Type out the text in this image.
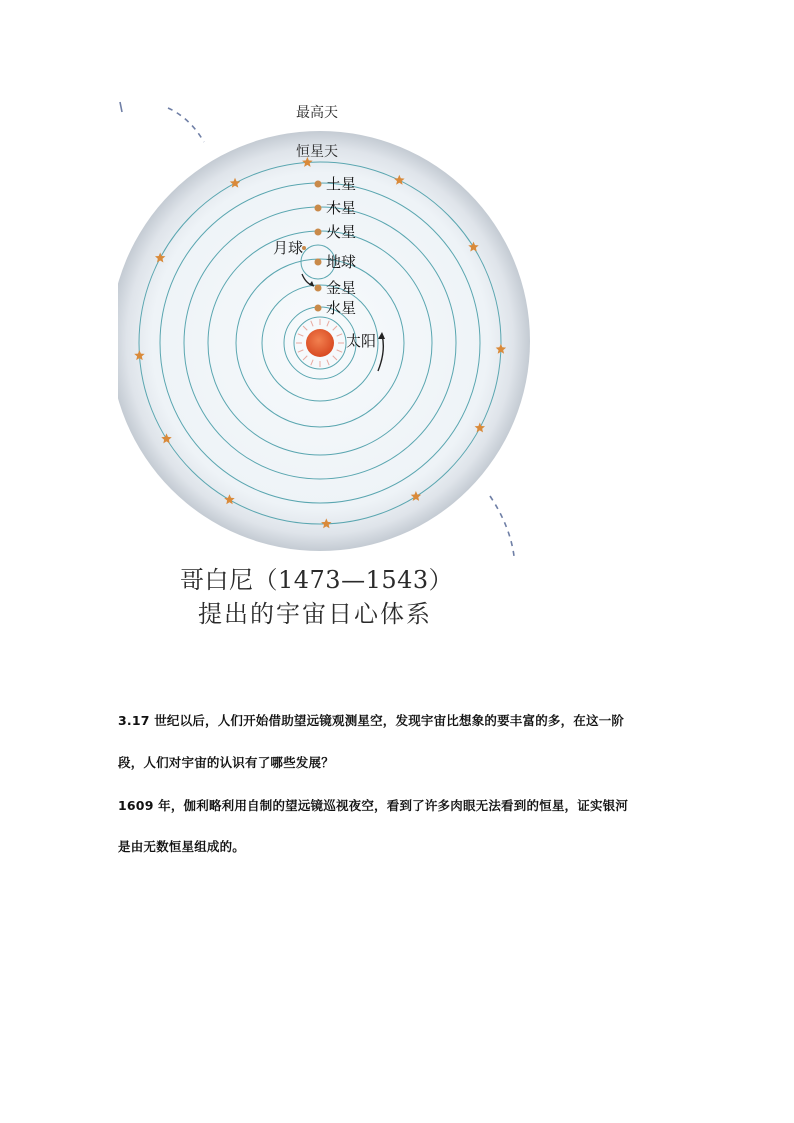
最高天
恒星天
土星
木星
火星
月球
地球
金星
水星
太阳
哥白尼（1473—1543）
提出的宇宙日心体系
3.17 世纪以后，人们开始借助望远镜观测星空，发现宇宙比想象的要丰富的多，在这一阶
段，人们对宇宙的认识有了哪些发展？
1609 年，伽利略利用自制的望远镜巡视夜空，看到了许多肉眼无法看到的恒星，证实银河
是由无数恒星组成的。
